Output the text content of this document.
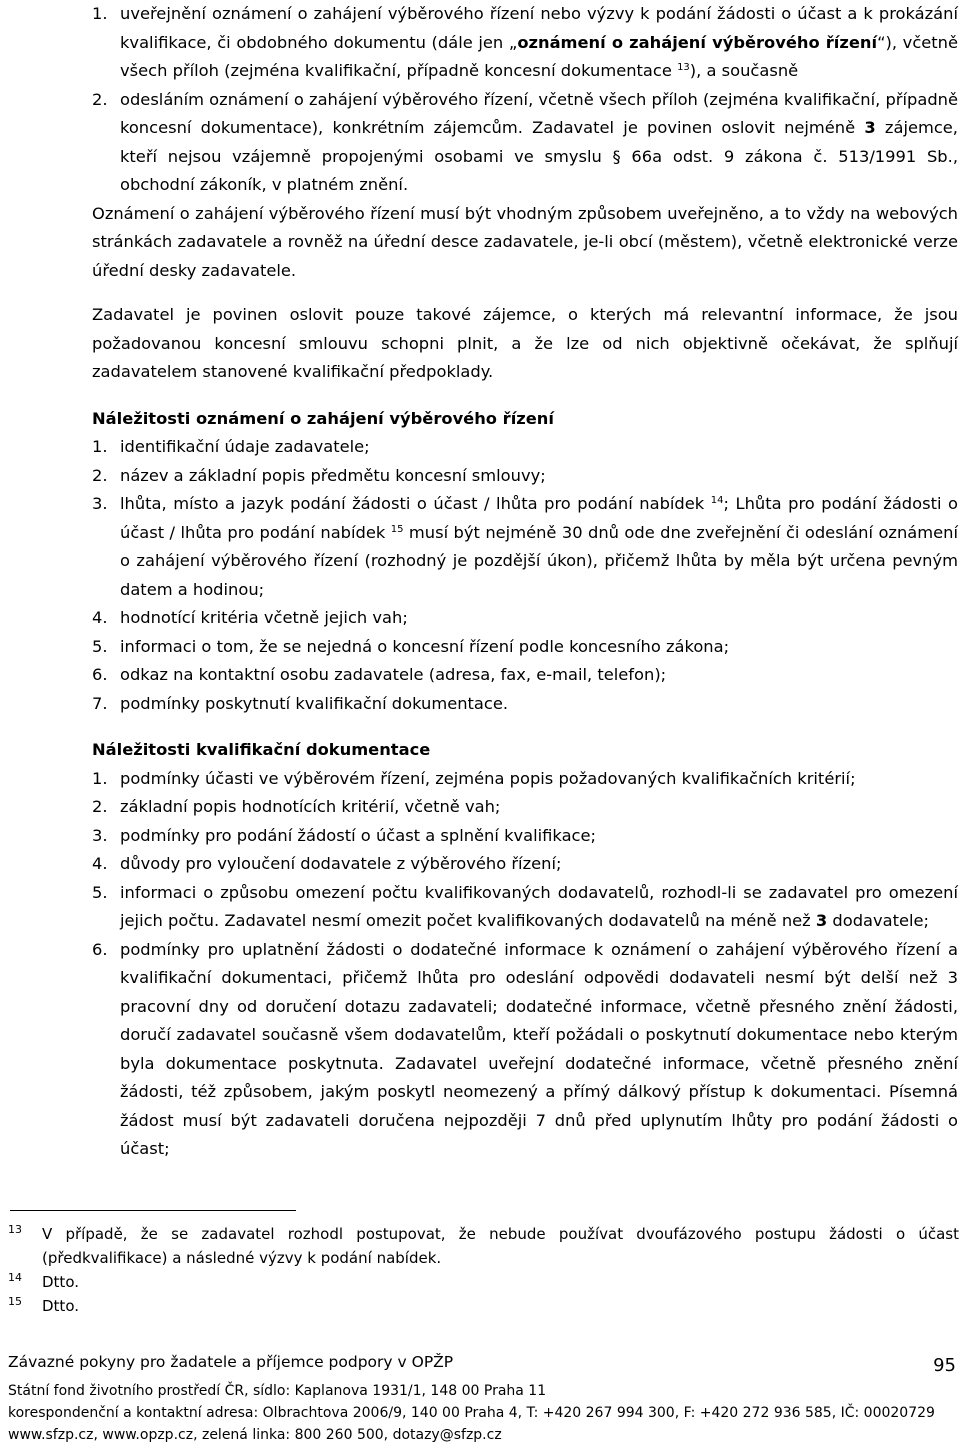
1. uveřejnění oznámení o zahájení výběrového řízení nebo výzvy k podání žádosti o účast a k prokázání kvalifikace, či obdobného dokumentu (dále jen „oznámení o zahájení výběrového řízení“), včetně všech příloh (zejména kvalifikační, případně koncesní dokumentace $^{13}$), a současně
2. odesláním oznámení o zahájení výběrového řízení, včetně všech příloh (zejména kvalifikační, případně koncesní dokumentace), konkrétním zájemcům. Zadavatel je povinen oslovit nejméně 3 zájemce, kteří nejsou vzájemně propojenými osobami ve smyslu § 66a odst. 9 zákona č. 513/1991 Sb., obchodní zákoník, v platném znění.

Oznámení o zahájení výběrového řízení musí být vhodným způsobem uveřejněno, a to vždy na webových stránkách zadavatele a rovněž na úřední desce zadavatele, je-li obcí (městem), včetně elektronické verze úřední desky zadavatele.

Zadavatel je povinen oslovit pouze takové zájemce, o kterých má relevantní informace, že jsou požadovanou koncesní smlouvu schopni plnit, a že lze od nich objektivně očekávat, že splňují zadavatelem stanovené kvalifikační předpoklady.

Náležitosti oznámení o zahájení výběrového řízení
1. identifikační údaje zadavatele;
2. název a základní popis předmětu koncesní smlouvy;
3. lhůta, místo a jazyk podání žádosti o účast / lhůta pro podání nabídek $^{14}$; Lhůta pro podání žádosti o účast / lhůta pro podání nabídek $^{15}$ musí být nejméně 30 dnů ode dne zveřejnění či odeslání oznámení o zahájení výběrového řízení (rozhodný je pozdější úkon), přičemž lhůta by měla být určena pevným datem a hodinou;
4. hodnotící kritéria včetně jejich vah;
5. informaci o tom, že se nejedná o koncesní řízení podle koncesního zákona;
6. odkaz na kontaktní osobu zadavatele (adresa, fax, e-mail, telefon);
7. podmínky poskytnutí kvalifikační dokumentace.
Náležitosti kvalifikační dokumentace
1. podmínky účasti ve výběrovém řízení, zejména popis požadovaných kvalifikačních kritérií;
2. základní popis hodnotících kritérií, včetně vah;
3. podmínky pro podání žádostí o účast a splnění kvalifikace;
4. důvody pro vyloučení dodavatele z výběrového řízení;
5. informaci o způsobu omezení počtu kvalifikovaných dodavatelů, rozhodl-li se zadavatel pro omezení jejich počtu. Zadavatel nesmí omezit počet kvalifikovaných dodavatelů na méně než 3 dodavatele;
6. podmínky pro uplatnění žádosti o dodatečné informace k oznámení o zahájení výběrového řízení a kvalifikační dokumentaci, přičemž lhůta pro odeslání odpovědi dodavateli nesmí být delší než 3 pracovní dny od doručení dotazu zadavateli; dodatečné informace, včetně přesného znění žádosti, doručí zadavatel současně všem dodavatelům, kteří požádali o poskytnutí dokumentace nebo kterým byla dokumentace poskytnuta. Zadavatel uveřejní dodatečné informace, včetně přesného znění žádosti, též způsobem, jakým poskytl neomezený a přímý dálkový přístup k dokumentaci. Písemná žádost musí být zadavateli doručena nejpozději 7 dnů před uplynutím lhůty pro podání žádosti o účast;
13 V případě, že se zadavatel rozhodl postupovat, že nebude používat dvoufázového postupu žádosti o účast (předkvalifikace) a následné výzvy k podání nabídek.
14 Dtto.
15 Dtto.
Závazné pokyny pro žadatele a příjemce podpory v OPŽP	95
Státní fond životního prostředí ČR, sídlo: Kaplanova 1931/1, 148 00 Praha 11
korespondenční a kontaktní adresa: Olbrachtova 2006/9, 140 00 Praha 4, T: +420 267 994 300, F: +420 272 936 585, IČ: 00020729
www.sfzp.cz, www.opzp.cz, zelená linka: 800 260 500, dotazy@sfzp.cz
